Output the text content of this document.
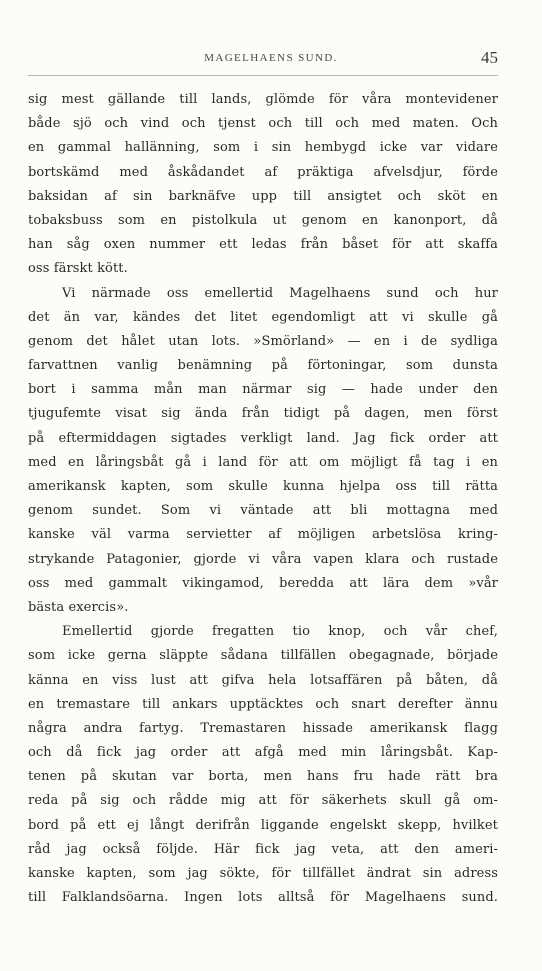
MAGELHAENS SUND.	45
sig mest gällande till lands, glömde för våra montevidener
både sjö och vind och tjenst och till och med maten. Och
en gammal hallänning, som i sin hembygd icke var vidare
bortskämd med åskådandet af präktiga afvelsdjur, förde
baksidan af sin barknäfve upp till ansigtet och sköt en
tobaksbuss som en pistolkula ut genom en kanonport, då
han såg oxen nummer ett ledas från båset för att skaffa
oss färskt kött.
Vi närmade oss emellertid Magelhaens sund och hur
det än var, kändes det litet egendomligt att vi skulle gå
genom det hålet utan lots. »Smörland» — en i de sydliga
farvattnen vanlig benämning på förtoningar, som dunsta
bort i samma mån man närmar sig — hade under den
tjugufemte visat sig ända från tidigt på dagen, men först
på eftermiddagen sigtades verkligt land. Jag fick order att
med en låringsbåt gå i land för att om möjligt få tag i en
amerikansk kapten, som skulle kunna hjelpa oss till rätta
genom sundet. Som vi väntade att bli mottagna med
kanske väl varma servietter af möjligen arbetslösa kring-
strykande Patagonier, gjorde vi våra vapen klara och rustade
oss med gammalt vikingamod, beredda att lära dem »vår
bästa exercis».
Emellertid gjorde fregatten tio knop, och vår chef,
som icke gerna släppte sådana tillfällen obegagnade, började
känna en viss lust att gifva hela lotsaffären på båten, då
en tremastare till ankars upptäcktes och snart derefter ännu
några andra fartyg. Tremastaren hissade amerikansk flagg
och då fick jag order att afgå med min låringsbåt. Kap-
tenen på skutan var borta, men hans fru hade rätt bra
reda på sig och rådde mig att för säkerhets skull gå om-
bord på ett ej långt derifrån liggande engelskt skepp, hvilket
råd jag också följde. Här fick jag veta, att den ameri-
kanske kapten, som jag sökte, för tillfället ändrat sin adress
till Falklandsöarna. Ingen lots alltså för Magelhaens sund.
